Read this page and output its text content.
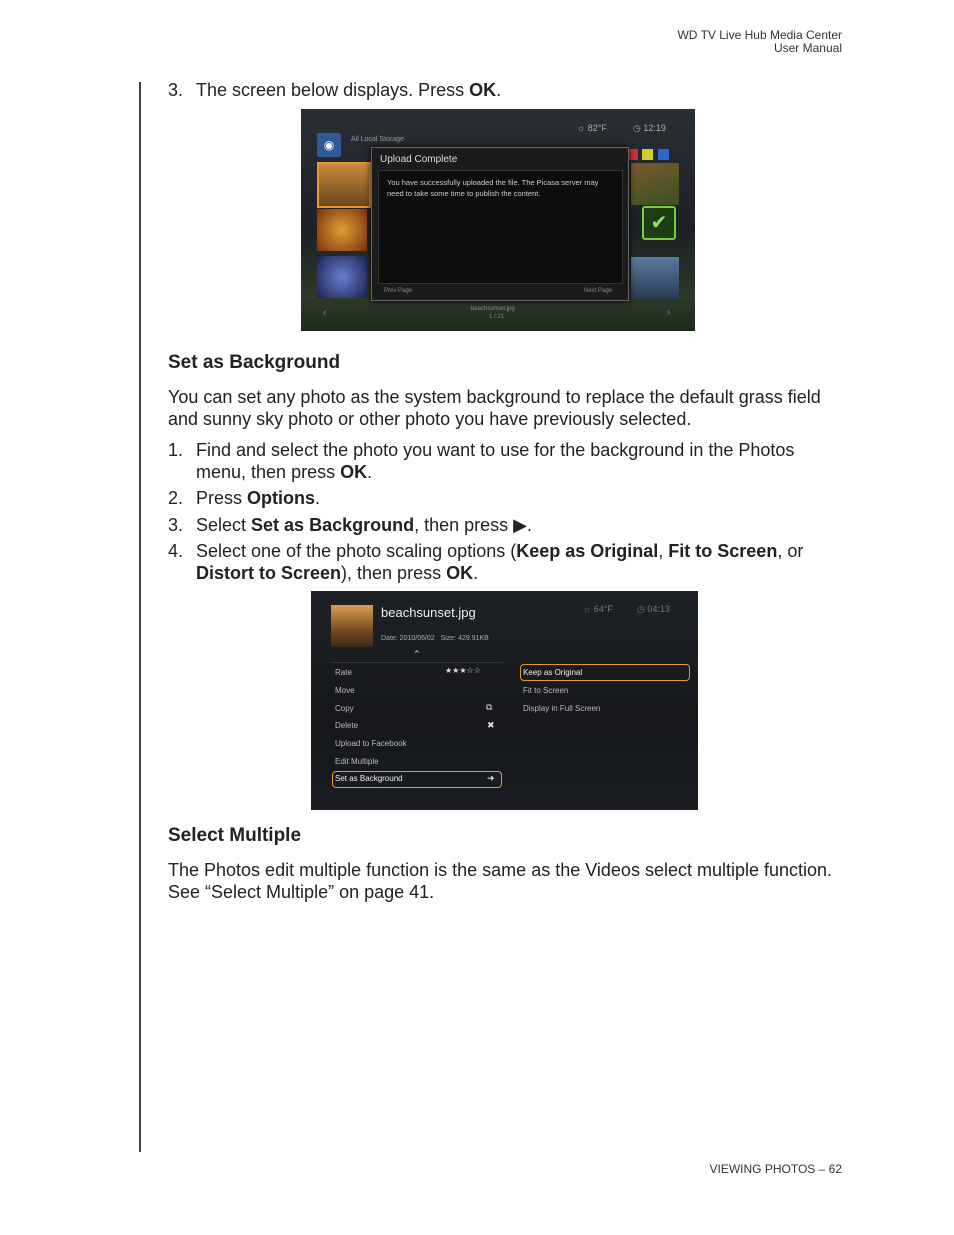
WD TV Live Hub Media Center
User Manual
3. The screen below displays. Press OK.
◉	All Local Storage
☼ 82°F	◷ 12:19

Upload Complete
You have successfully uploaded the file. The Picasa server may need to take some time to publish the content.
Prev Page	Next Page
✔
‹	›
beachsunset.jpg
1 / 21
Set as Background
You can set any photo as the system background to replace the default grass field and sunny sky photo or other photo you have previously selected.
1. Find and select the photo you want to use for the background in the Photos menu, then press OK.
2. Press Options.
3. Select Set as Background, then press ▶.
4. Select one of the photo scaling options (Keep as Original, Fit to Screen, or Distort to Screen), then press OK.
beachsunset.jpg
Date: 2010/06/02 Size: 429.91KB
☼ 64°F	◷ 04:13
⌃
Rate	★★★☆☆
Move
Copy	⧉
Delete	✖
Upload to Facebook
Edit Multiple
Set as Background	➜
Keep as Original
Fit to Screen
Display in Full Screen
Select Multiple
The Photos edit multiple function is the same as the Videos select multiple function. See “Select Multiple” on page 41.
VIEWING PHOTOS – 62
